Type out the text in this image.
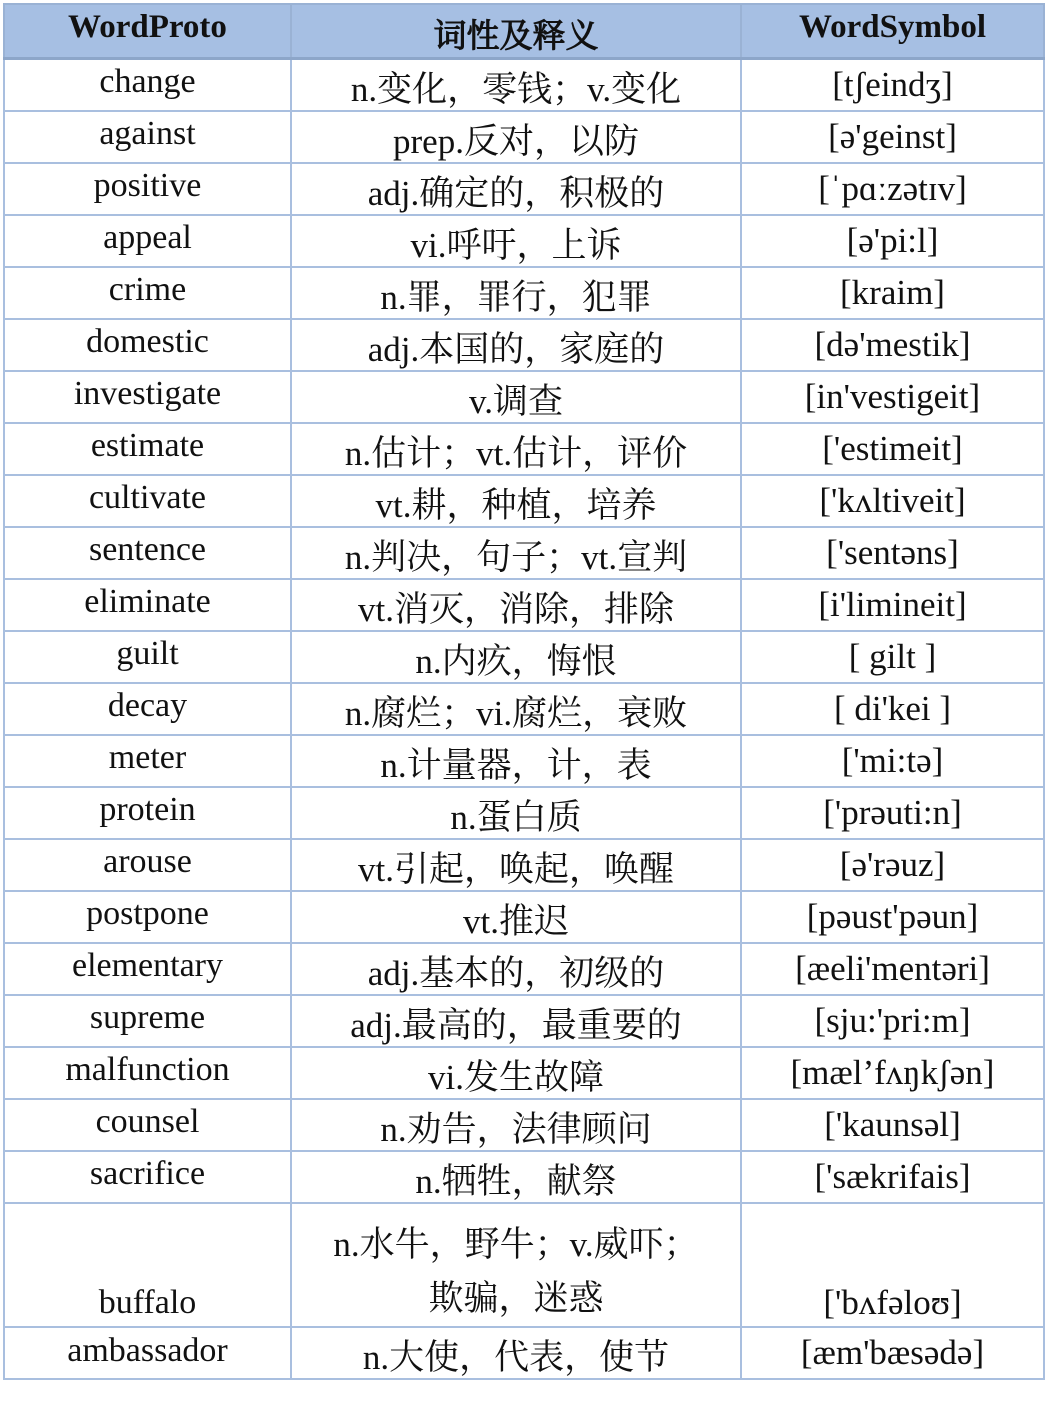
WordProto	词性及释义	WordSymbol
change	n.变化，零钱；v.变化	[tʃeindʒ]
against	prep.反对，以防	[ə'geinst]
positive	adj.确定的，积极的	[ˈpɑːzətɪv]
appeal	vi.呼吁，上诉	[ə'pi:l]
crime	n.罪，罪行，犯罪	[kraim]
domestic	adj.本国的，家庭的	[də'mestik]
investigate	v.调查	[in'vestigeit]
estimate	n.估计；vt.估计，评价	['estimeit]
cultivate	vt.耕，种植，培养	['kʌltiveit]
sentence	n.判决，句子；vt.宣判	['sentəns]
eliminate	vt.消灭，消除，排除	[i'limineit]
guilt	n.内疚，悔恨	[ gilt ]
decay	n.腐烂；vi.腐烂，衰败	[ di'kei ]
meter	n.计量器，计，表	['mi:tə]
protein	n.蛋白质	['prəuti:n]
arouse	vt.引起，唤起，唤醒	[ə'rəuz]
postpone	vt.推迟	[pəust'pəun]
elementary	adj.基本的，初级的	[æeli'mentəri]
supreme	adj.最高的，最重要的	[sju:'pri:m]
malfunction	vi.发生故障	[mæl’fʌŋkʃən]
counsel	n.劝告，法律顾问	['kaunsəl]
sacrifice	n.牺牲，献祭	['sækrifais]
buffalo	n.水牛，野牛；v.威吓；欺骗，迷惑	['bʌfəloʊ]
ambassador	n.大使，代表，使节	[æm'bæsədə]
